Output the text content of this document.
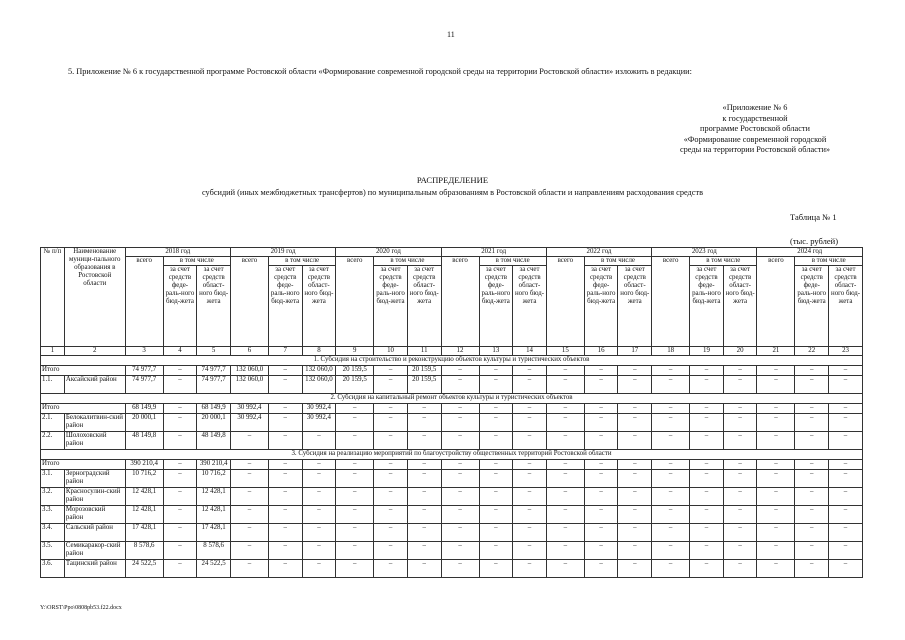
11
5. Приложение № 6 к государственной программе Ростовской области «Формирование современной городской среды на территории Ростовской области» изложить в редакции:
«Приложение № 6
к государственной
программе Ростовской области
«Формирование современной городской
среды на территории Ростовской области»
РАСПРЕДЕЛЕНИЕ
субсидий (иных межбюджетных трансфертов) по муниципальным образованиям в Ростовской области и направлениям расходования средств
Таблица № 1
(тыс. рублей)
№ п/п	Наименование муници-пального образования в Ростовской области	2018 год			2019 год			2020 год			2021 год			2022 год			2023 год			2024 год		
		всего	в том числе		всего	в том числе		всего	в том числе		всего	в том числе		всего	в том числе		всего	в том числе		всего	в том числе	
			за счет средств феде-раль-ного бюд-жета	за счет средств област-ного бюд-жета		за счет средств феде-раль-ного бюд-жета	за счет средств област-ного бюд-жета		за счет средств феде-раль-ного бюд-жета	за счет средств област-ного бюд-жета		за счет средств феде-раль-ного бюд-жета	за счет средств област-ного бюд-жета		за счет средств феде-раль-ного бюд-жета	за счет средств област-ного бюд-жета		за счет средств феде-раль-ного бюд-жета	за счет средств област-ного бюд-жета		за счет средств феде-раль-ного бюд-жета	за счет средств област-ного бюд-жета
1	2	3	4	5	6	7	8	9	10	11	12	13	14	15	16	17	18	19	20	21	22	23
1. Субсидия на строительство и реконструкцию объектов культуры и туристических объектов																						
Итого		74 977,7	–	74 977,7	132 060,0	–	132 060,0	20 159,5	–	20 159,5	–	–	–	–	–	–	–	–	–	–	–	–
1.1.	Аксайский район	74 977,7	–	74 977,7	132 060,0	–	132 060,0	20 159,5	–	20 159,5	–	–	–	–	–	–	–	–	–	–	–	–
2. Субсидия на капитальный ремонт объектов культуры и туристических объектов																						
Итого		68 149,9	–	68 149,9	30 992,4	–	30 992,4	–	–	–	–	–	–	–	–	–	–	–	–	–	–	–
2.1.	Белокалитвин-ский район	20 000,1	–	20 000,1	30 992,4	–	30 992,4	–	–	–	–	–	–	–	–	–	–	–	–	–	–	–
2.2.	Шолоховский район	48 149,8	–	48 149,8	–	–	–	–	–	–	–	–	–	–	–	–	–	–	–	–	–	–
3. Субсидия на реализацию мероприятий по благоустройству общественных территорий Ростовской области																						
Итого		390 210,4	–	390 210,4	–	–	–	–	–	–	–	–	–	–	–	–	–	–	–	–	–	–
3.1.	Зерноградский район	10 716,2	–	10 716,2	–	–	–	–	–	–	–	–	–	–	–	–	–	–	–	–	–	–
3.2.	Красносулин-ский район	12 428,1	–	12 428,1	–	–	–	–	–	–	–	–	–	–	–	–	–	–	–	–	–	–
3.3.	Морозовский район	12 428,1	–	12 428,1	–	–	–	–	–	–	–	–	–	–	–	–	–	–	–	–	–	–
3.4.	Сальский район	17 428,1	–	17 428,1	–	–	–	–	–	–	–	–	–	–	–	–	–	–	–	–	–	–
3.5.	Семикаракор-ский район	8 578,6	–	8 578,6	–	–	–	–	–	–	–	–	–	–	–	–	–	–	–	–	–	–
3.6.	Тацинский район	24 522,5	–	24 522,5	–	–	–	–	–	–	–	–	–	–	–	–	–	–	–	–	–	–
Y:\ORST\Ppo\0808pb53.f22.docx
